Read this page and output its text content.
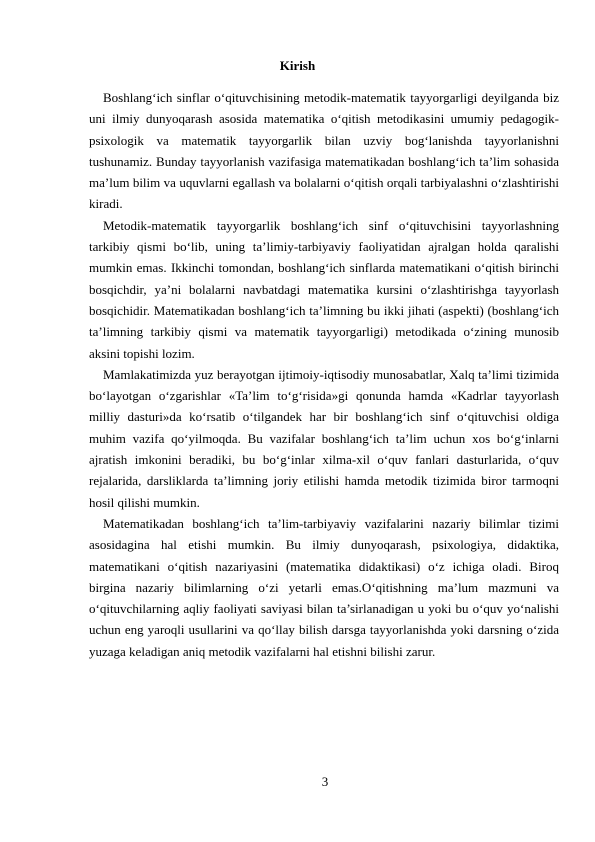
Kirish

Boshlang‘ich sinflar o‘qituvchisining metodik-matematik tayyorgarligi deyilganda biz uni ilmiy dunyoqarash asosida matematika o‘qitish metodikasini umumiy pedagogik-psixologik va matematik tayyorgarlik bilan uzviy bog‘lanishda tayyorlanishni tushunamiz. Bunday tayyorlanish vazifasiga matematikadan boshlang‘ich ta’lim sohasida ma’lum bilim va uquvlarni egallash va bolalarni o‘qitish orqali tarbiyalashni o‘zlashtirishi kiradi.

Metodik-matematik tayyorgarlik boshlang‘ich sinf o‘qituvchisini tayyorlashning tarkibiy qismi bo‘lib, uning ta’limiy-tarbiyaviy faoliyatidan ajralgan holda qaralishi mumkin emas. Ikkinchi tomondan, boshlang‘ich sinflarda matematikani o‘qitish birinchi bosqichdir, ya’ni bolalarni navbatdagi matematika kursini o‘zlashtirishga tayyorlash bosqichidir. Matematikadan boshlang‘ich ta’limning bu ikki jihati (aspekti) (boshlang‘ich ta’limning tarkibiy qismi va matematik tayyorgarligi) metodikada o‘zining munosib aksini topishi lozim.

Mamlakatimizda yuz berayotgan ijtimoiy-iqtisodiy munosabatlar, Xalq ta’limi tizimida bo‘layotgan o‘zgarishlar «Ta’lim to‘g‘risida»gi qonunda hamda «Kadrlar tayyorlash milliy dasturi»da ko‘rsatib o‘tilgandek har bir boshlang‘ich sinf o‘qituvchisi oldiga muhim vazifa qo‘yilmoqda. Bu vazifalar boshlang‘ich ta’lim uchun xos bo‘g‘inlarni ajratish imkonini beradiki, bu bo‘g‘inlar xilma-xil o‘quv fanlari dasturlarida, o‘quv rejalarida, darsliklarda ta’limning joriy etilishi hamda metodik tizimida biror tarmoqni hosil qilishi mumkin.

Matematikadan boshlang‘ich ta’lim-tarbiyaviy vazifalarini nazariy bilimlar tizimi asosidagina hal etishi mumkin. Bu ilmiy dunyoqarash, psixologiya, didaktika, matematikani o‘qitish nazariyasini (matematika didaktikasi) o‘z ichiga oladi. Biroq birgina nazariy bilimlarning o‘zi yetarli emas.O‘qitishning ma’lum mazmuni va o‘qituvchilarning aqliy faoliyati saviyasi bilan ta’sirlanadigan u yoki bu o‘quv yo‘nalishi uchun eng yaroqli usullarini va qo‘llay bilish darsga tayyorlanishda yoki darsning o‘zida yuzaga keladigan aniq metodik vazifalarni hal etishni bilishi zarur.

3
